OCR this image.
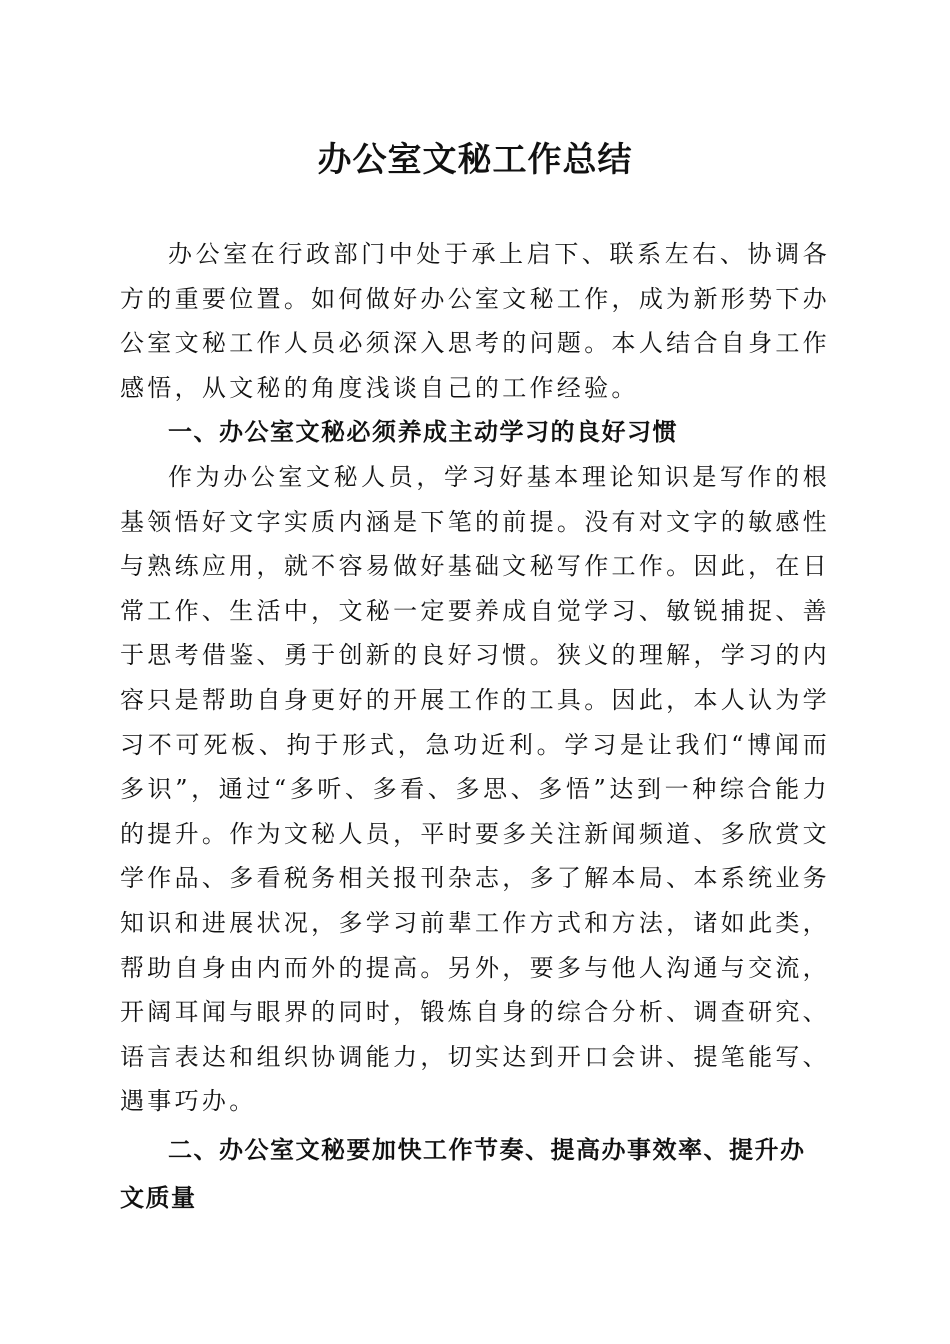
办公室文秘工作总结

办公室在行政部门中处于承上启下、联系左右、协调各方的重要位置。如何做好办公室文秘工作，成为新形势下办公室文秘工作人员必须深入思考的问题。本人结合自身工作感悟，从文秘的角度浅谈自己的工作经验。

一、办公室文秘必须养成主动学习的良好习惯

作为办公室文秘人员，学习好基本理论知识是写作的根基领悟好文字实质内涵是下笔的前提。没有对文字的敏感性与熟练应用，就不容易做好基础文秘写作工作。因此，在日常工作、生活中，文秘一定要养成自觉学习、敏锐捕捉、善于思考借鉴、勇于创新的良好习惯。狭义的理解，学习的内容只是帮助自身更好的开展工作的工具。因此，本人认为学习不可死板、拘于形式，急功近利。学习是让我们“博闻而多识”，通过“多听、多看、多思、多悟”达到一种综合能力的提升。作为文秘人员，平时要多关注新闻频道、多欣赏文学作品、多看税务相关报刊杂志，多了解本局、本系统业务知识和进展状况，多学习前辈工作方式和方法，诸如此类，帮助自身由内而外的提高。另外，要多与他人沟通与交流，开阔耳闻与眼界的同时，锻炼自身的综合分析、调查研究、语言表达和组织协调能力，切实达到开口会讲、提笔能写、遇事巧办。

二、办公室文秘要加快工作节奏、提高办事效率、提升办文质量
